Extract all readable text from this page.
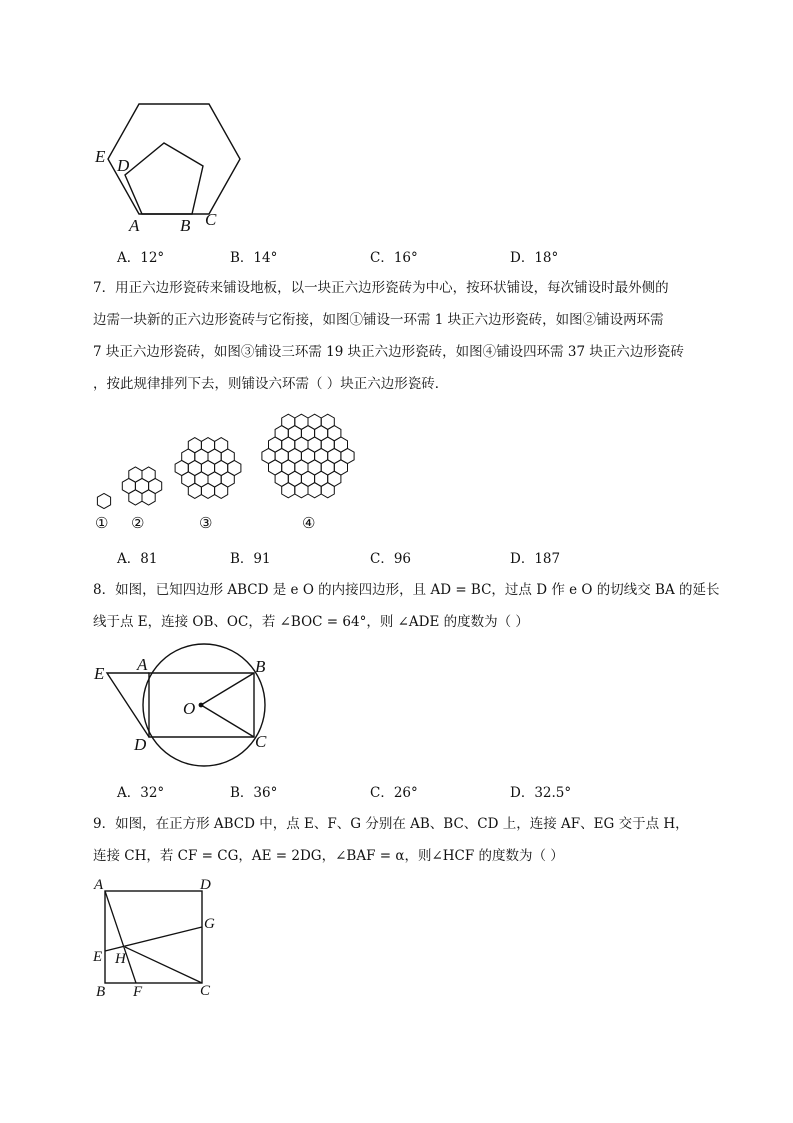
E D
A B C
A．12°	B．14°	C．16°	D．18°
7．用正六边形瓷砖来铺设地板，以一块正六边形瓷砖为中心，按环状铺设，每次铺设时最外侧的
边需一块新的正六边形瓷砖与它衔接，如图①铺设一环需 1 块正六边形瓷砖，如图②铺设两环需
7 块正六边形瓷砖，如图③铺设三环需 19 块正六边形瓷砖，如图④铺设四环需 37 块正六边形瓷砖
，按此规律排列下去，则铺设六环需（ ）块正六边形瓷砖．
① ②	③	④
A．81	B．91	C．96	D．187
8．如图，已知四边形 ABCD 是 e O 的内接四边形，且 AD = BC，过点 D 作 e O 的切线交 BA 的延长
线于点 E，连接 OB、OC，若 ∠BOC = 64°，则 ∠ADE 的度数为（ ）
E A	B
O
D	C
A．32°	B．36°	C．26°	D．32.5°
9．如图，在正方形 ABCD 中，点 E、F、G 分别在 AB、BC、CD 上，连接 AF、EG 交于点 H，
连接 CH，若 CF = CG，AE = 2DG，∠BAF = α，则∠HCF 的度数为（ ）
A	D
G
E H
B F	C
